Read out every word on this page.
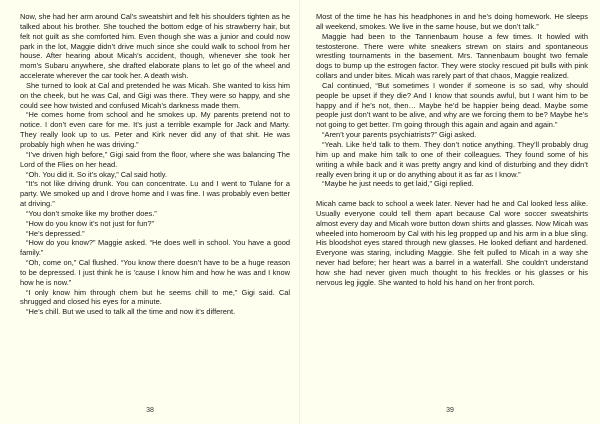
Now, she had her arm around Cal’s sweatshirt and felt his shoulders tighten as he talked about his brother. She touched the bottom edge of his strawberry hair, but felt not guilt as she comforted him. Even though she was a junior and could now park in the lot, Maggie didn’t drive much since she could walk to school from her house. After hearing about Micah’s accident, though, whenever she took her mom’s Subaru anywhere, she drafted elaborate plans to let go of the wheel and accelerate wherever the car took her. A death wish.

She turned to look at Cal and pretended he was Micah. She wanted to kiss him on the cheek, but he was Cal, and Gigi was there. They were so happy, and she could see how twisted and confused Micah’s darkness made them.

“He comes home from school and he smokes up. My parents pretend not to notice. I don’t even care for me. It’s just a terrible example for Jack and Marty. They really look up to us. Peter and Kirk never did any of that shit. He was probably high when he was driving.”

“I’ve driven high before,” Gigi said from the floor, where she was balancing The Lord of the Flies on her head.

“Oh. You did it. So it’s okay,” Cal said hotly.

“It’s not like driving drunk. You can concentrate. Lu and I went to Tulane for a party. We smoked up and I drove home and I was fine. I was probably even better at driving.”

“You don’t smoke like my brother does.”

“How do you know it’s not just for fun?”

“He’s depressed.”

“How do you know?” Maggie asked. “He does well in school. You have a good family.”

“Oh, come on,” Cal flushed. “You know there doesn’t have to be a huge reason to be depressed. I just think he is ’cause I know him and how he was and I know how he is now.”

“I only know him through chem but he seems chill to me,” Gigi said. Cal shrugged and closed his eyes for a minute.

“He’s chill. But we used to talk all the time and now it’s different.

38

Most of the time he has his headphones in and he’s doing homework. He sleeps all weekend, smokes. We live in the same house, but we don’t talk.”

Maggie had been to the Tannenbaum house a few times. It howled with testosterone. There were white sneakers strewn on stairs and spontaneous wrestling tournaments in the basement. Mrs. Tannenbaum bought two female dogs to bump up the estrogen factor. They were stocky rescued pit bulls with pink collars and under bites. Micah was rarely part of that chaos, Maggie realized.

Cal continued, “But sometimes I wonder if someone is so sad, why should people be upset if they die? And I know that sounds awful, but I want him to be happy and if he’s not, then… Maybe he’d be happier being dead. Maybe some people just don’t want to be alive, and why are we forcing them to be? Maybe he’s not going to get better. I’m going through this again and again and again.”

“Aren’t your parents psychiatrists?” Gigi asked.

“Yeah. Like he’d talk to them. They don’t notice anything. They’ll probably drug him up and make him talk to one of their colleagues. They found some of his writing a while back and it was pretty angry and kind of disturbing and they didn’t really even bring it up or do anything about it as far as I know.”

“Maybe he just needs to get laid,” Gigi replied.

Micah came back to school a week later. Never had he and Cal looked less alike. Usually everyone could tell them apart because Cal wore soccer sweatshirts almost every day and Micah wore button down shirts and glasses. Now Micah was wheeled into homeroom by Cal with his leg propped up and his arm in a blue sling. His bloodshot eyes stared through new glasses. He looked defiant and hardened. Everyone was staring, including Maggie. She felt pulled to Micah in a way she never had before; her heart was a barrel in a waterfall. She couldn’t understand how she had never given much thought to his freckles or his glasses or his nervous leg jiggle. She wanted to hold his hand on her front porch.

39
